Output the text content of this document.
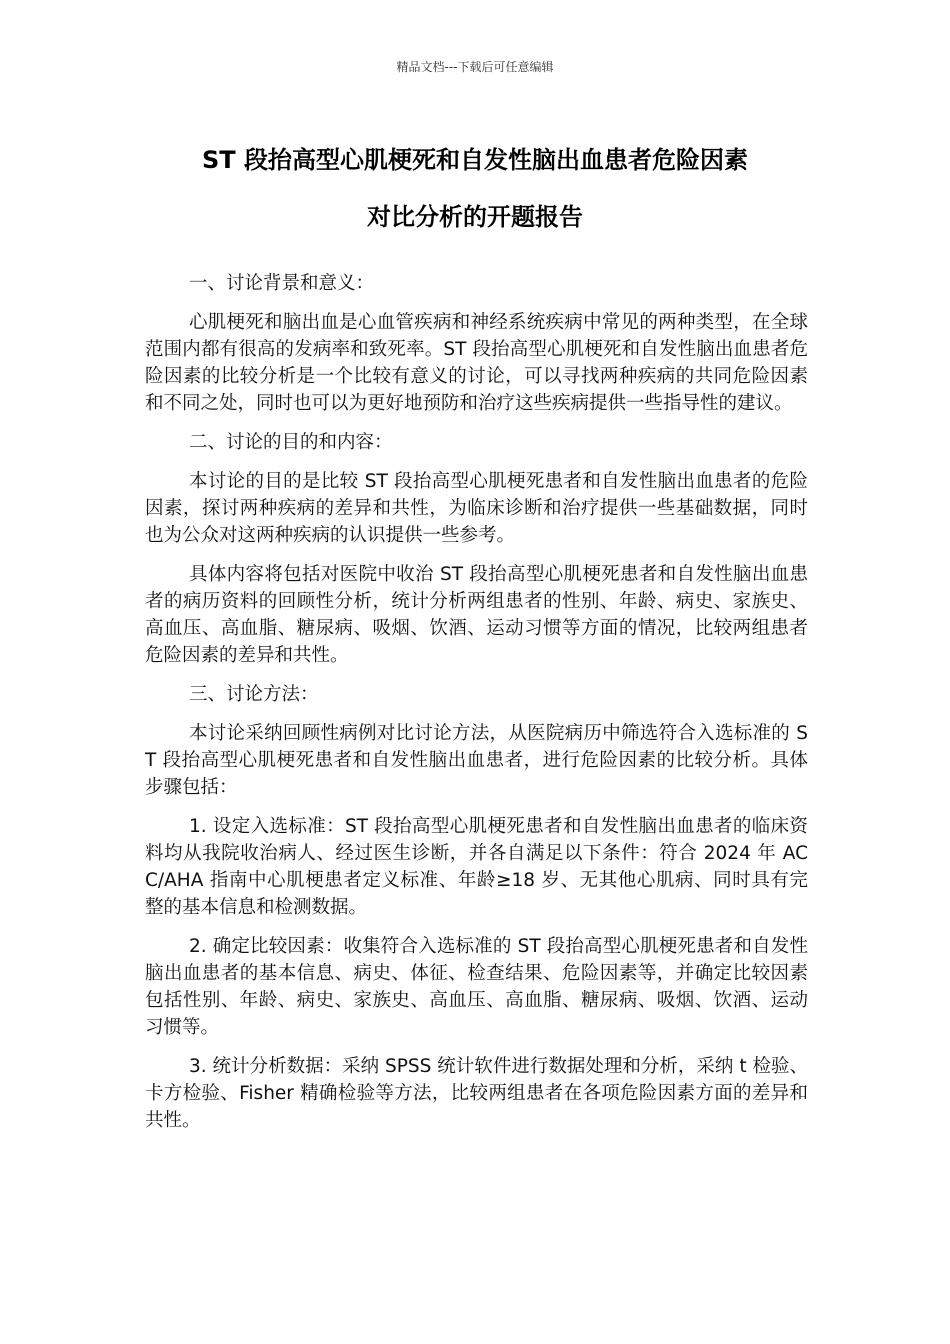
精品文档---下载后可任意编辑
ST 段抬高型心肌梗死和自发性脑出血患者危险因素
对比分析的开题报告

一、讨论背景和意义：

心肌梗死和脑出血是心血管疾病和神经系统疾病中常见的两种类型，在全球范围内都有很高的发病率和致死率。ST 段抬高型心肌梗死和自发性脑出血患者危险因素的比较分析是一个比较有意义的讨论，可以寻找两种疾病的共同危险因素和不同之处，同时也可以为更好地预防和治疗这些疾病提供一些指导性的建议。

二、讨论的目的和内容：

本讨论的目的是比较 ST 段抬高型心肌梗死患者和自发性脑出血患者的危险因素，探讨两种疾病的差异和共性，为临床诊断和治疗提供一些基础数据，同时也为公众对这两种疾病的认识提供一些参考。

具体内容将包括对医院中收治 ST 段抬高型心肌梗死患者和自发性脑出血患者的病历资料的回顾性分析，统计分析两组患者的性别、年龄、病史、家族史、高血压、高血脂、糖尿病、吸烟、饮酒、运动习惯等方面的情况，比较两组患者危险因素的差异和共性。

三、讨论方法：

本讨论采纳回顾性病例对比讨论方法，从医院病历中筛选符合入选标准的 ST 段抬高型心肌梗死患者和自发性脑出血患者，进行危险因素的比较分析。具体步骤包括：

1. 设定入选标准：ST 段抬高型心肌梗死患者和自发性脑出血患者的临床资料均从我院收治病人、经过医生诊断，并各自满足以下条件：符合 2024 年 ACC/AHA 指南中心肌梗患者定义标准、年龄≥18 岁、无其他心肌病、同时具有完整的基本信息和检测数据。

2. 确定比较因素：收集符合入选标准的 ST 段抬高型心肌梗死患者和自发性脑出血患者的基本信息、病史、体征、检查结果、危险因素等，并确定比较因素包括性别、年龄、病史、家族史、高血压、高血脂、糖尿病、吸烟、饮酒、运动习惯等。

3. 统计分析数据：采纳 SPSS 统计软件进行数据处理和分析，采纳 t 检验、卡方检验、Fisher 精确检验等方法，比较两组患者在各项危险因素方面的差异和共性。
